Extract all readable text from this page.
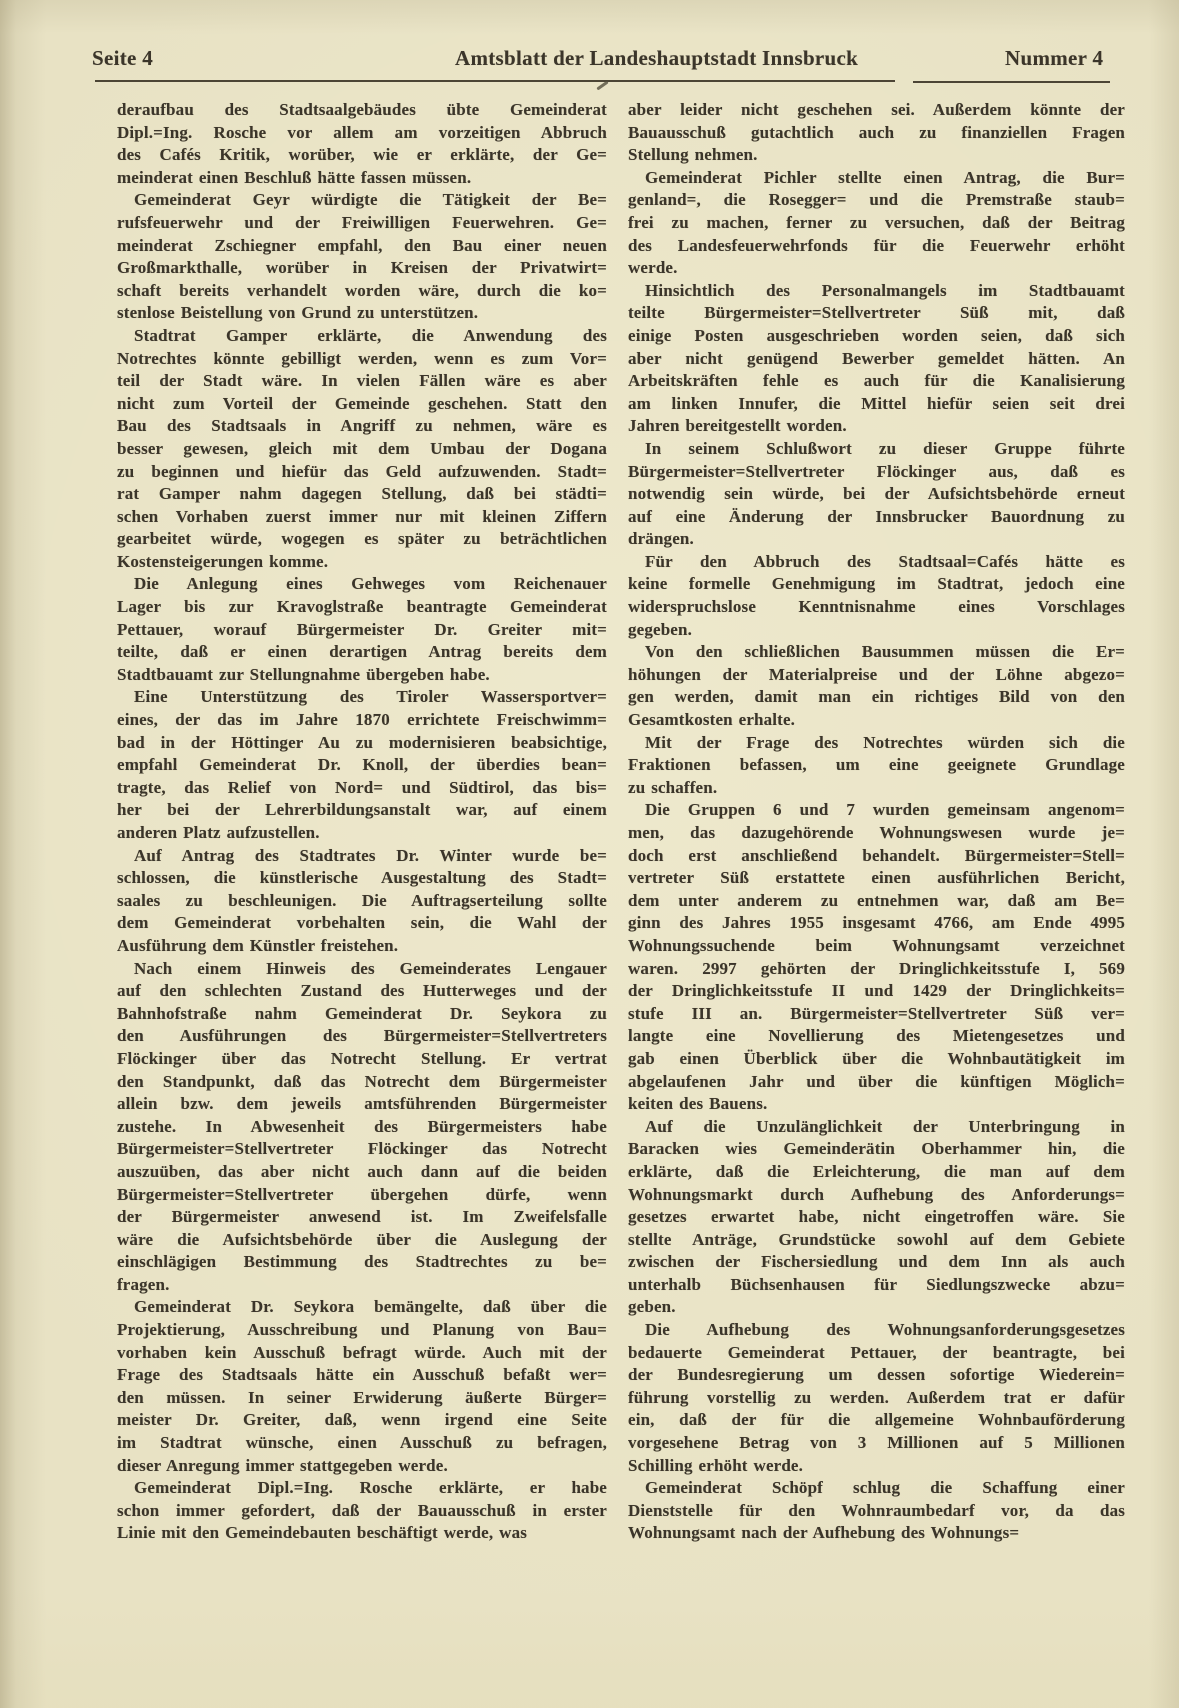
Seite 4	Amtsblatt der Landeshauptstadt Innsbruck	Nummer 4
deraufbau des Stadtsaalgebäudes übte Gemeinderat
Dipl.=Ing. Rosche vor allem am vorzeitigen Abbruch
des Cafés Kritik, worüber, wie er erklärte, der Ge=
meinderat einen Beschluß hätte fassen müssen.
Gemeinderat Geyr würdigte die Tätigkeit der Be=
rufsfeuerwehr und der Freiwilligen Feuerwehren. Ge=
meinderat Zschiegner empfahl, den Bau einer neuen
Großmarkthalle, worüber in Kreisen der Privatwirt=
schaft bereits verhandelt worden wäre, durch die ko=
stenlose Beistellung von Grund zu unterstützen.
Stadtrat Gamper erklärte, die Anwendung des
Notrechtes könnte gebilligt werden, wenn es zum Vor=
teil der Stadt wäre. In vielen Fällen wäre es aber
nicht zum Vorteil der Gemeinde geschehen. Statt den
Bau des Stadtsaals in Angriff zu nehmen, wäre es
besser gewesen, gleich mit dem Umbau der Dogana
zu beginnen und hiefür das Geld aufzuwenden. Stadt=
rat Gamper nahm dagegen Stellung, daß bei städti=
schen Vorhaben zuerst immer nur mit kleinen Ziffern
gearbeitet würde, wogegen es später zu beträchtlichen
Kostensteigerungen komme.
Die Anlegung eines Gehweges vom Reichenauer
Lager bis zur Kravoglstraße beantragte Gemeinderat
Pettauer, worauf Bürgermeister Dr. Greiter mit=
teilte, daß er einen derartigen Antrag bereits dem
Stadtbauamt zur Stellungnahme übergeben habe.
Eine Unterstützung des Tiroler Wassersportver=
eines, der das im Jahre 1870 errichtete Freischwimm=
bad in der Höttinger Au zu modernisieren beabsichtige,
empfahl Gemeinderat Dr. Knoll, der überdies bean=
tragte, das Relief von Nord= und Südtirol, das bis=
her bei der Lehrerbildungsanstalt war, auf einem
anderen Platz aufzustellen.
Auf Antrag des Stadtrates Dr. Winter wurde be=
schlossen, die künstlerische Ausgestaltung des Stadt=
saales zu beschleunigen. Die Auftragserteilung sollte
dem Gemeinderat vorbehalten sein, die Wahl der
Ausführung dem Künstler freistehen.
Nach einem Hinweis des Gemeinderates Lengauer
auf den schlechten Zustand des Hutterweges und der
Bahnhofstraße nahm Gemeinderat Dr. Seykora zu
den Ausführungen des Bürgermeister=Stellvertreters
Flöckinger über das Notrecht Stellung. Er vertrat
den Standpunkt, daß das Notrecht dem Bürgermeister
allein bzw. dem jeweils amtsführenden Bürgermeister
zustehe. In Abwesenheit des Bürgermeisters habe
Bürgermeister=Stellvertreter Flöckinger das Notrecht
auszuüben, das aber nicht auch dann auf die beiden
Bürgermeister=Stellvertreter übergehen dürfe, wenn
der Bürgermeister anwesend ist. Im Zweifelsfalle
wäre die Aufsichtsbehörde über die Auslegung der
einschlägigen Bestimmung des Stadtrechtes zu be=
fragen.
Gemeinderat Dr. Seykora bemängelte, daß über die
Projektierung, Ausschreibung und Planung von Bau=
vorhaben kein Ausschuß befragt würde. Auch mit der
Frage des Stadtsaals hätte ein Ausschuß befaßt wer=
den müssen. In seiner Erwiderung äußerte Bürger=
meister Dr. Greiter, daß, wenn irgend eine Seite
im Stadtrat wünsche, einen Ausschuß zu befragen,
dieser Anregung immer stattgegeben werde.
Gemeinderat Dipl.=Ing. Rosche erklärte, er habe
schon immer gefordert, daß der Bauausschuß in erster
Linie mit den Gemeindebauten beschäftigt werde, was
aber leider nicht geschehen sei. Außerdem könnte der
Bauausschuß gutachtlich auch zu finanziellen Fragen
Stellung nehmen.
Gemeinderat Pichler stellte einen Antrag, die Bur=
genland=, die Rosegger= und die Premstraße staub=
frei zu machen, ferner zu versuchen, daß der Beitrag
des Landesfeuerwehrfonds für die Feuerwehr erhöht
werde.
Hinsichtlich des Personalmangels im Stadtbauamt
teilte Bürgermeister=Stellvertreter Süß mit, daß
einige Posten ausgeschrieben worden seien, daß sich
aber nicht genügend Bewerber gemeldet hätten. An
Arbeitskräften fehle es auch für die Kanalisierung
am linken Innufer, die Mittel hiefür seien seit drei
Jahren bereitgestellt worden.
In seinem Schlußwort zu dieser Gruppe führte
Bürgermeister=Stellvertreter Flöckinger aus, daß es
notwendig sein würde, bei der Aufsichtsbehörde erneut
auf eine Änderung der Innsbrucker Bauordnung zu
drängen.
Für den Abbruch des Stadtsaal=Cafés hätte es
keine formelle Genehmigung im Stadtrat, jedoch eine
widerspruchslose Kenntnisnahme eines Vorschlages
gegeben.
Von den schließlichen Bausummen müssen die Er=
höhungen der Materialpreise und der Löhne abgezo=
gen werden, damit man ein richtiges Bild von den
Gesamtkosten erhalte.
Mit der Frage des Notrechtes würden sich die
Fraktionen befassen, um eine geeignete Grundlage
zu schaffen.
Die Gruppen 6 und 7 wurden gemeinsam angenom=
men, das dazugehörende Wohnungswesen wurde je=
doch erst anschließend behandelt. Bürgermeister=Stell=
vertreter Süß erstattete einen ausführlichen Bericht,
dem unter anderem zu entnehmen war, daß am Be=
ginn des Jahres 1955 insgesamt 4766, am Ende 4995
Wohnungssuchende beim Wohnungsamt verzeichnet
waren. 2997 gehörten der Dringlichkeitsstufe I, 569
der Dringlichkeitsstufe II und 1429 der Dringlichkeits=
stufe III an. Bürgermeister=Stellvertreter Süß ver=
langte eine Novellierung des Mietengesetzes und
gab einen Überblick über die Wohnbautätigkeit im
abgelaufenen Jahr und über die künftigen Möglich=
keiten des Bauens.
Auf die Unzulänglichkeit der Unterbringung in
Baracken wies Gemeinderätin Oberhammer hin, die
erklärte, daß die Erleichterung, die man auf dem
Wohnungsmarkt durch Aufhebung des Anforderungs=
gesetzes erwartet habe, nicht eingetroffen wäre. Sie
stellte Anträge, Grundstücke sowohl auf dem Gebiete
zwischen der Fischersiedlung und dem Inn als auch
unterhalb Büchsenhausen für Siedlungszwecke abzu=
geben.
Die Aufhebung des Wohnungsanforderungsgesetzes
bedauerte Gemeinderat Pettauer, der beantragte, bei
der Bundesregierung um dessen sofortige Wiederein=
führung vorstellig zu werden. Außerdem trat er dafür
ein, daß der für die allgemeine Wohnbauförderung
vorgesehene Betrag von 3 Millionen auf 5 Millionen
Schilling erhöht werde.
Gemeinderat Schöpf schlug die Schaffung einer
Dienststelle für den Wohnraumbedarf vor, da das
Wohnungsamt nach der Aufhebung des Wohnungs=
